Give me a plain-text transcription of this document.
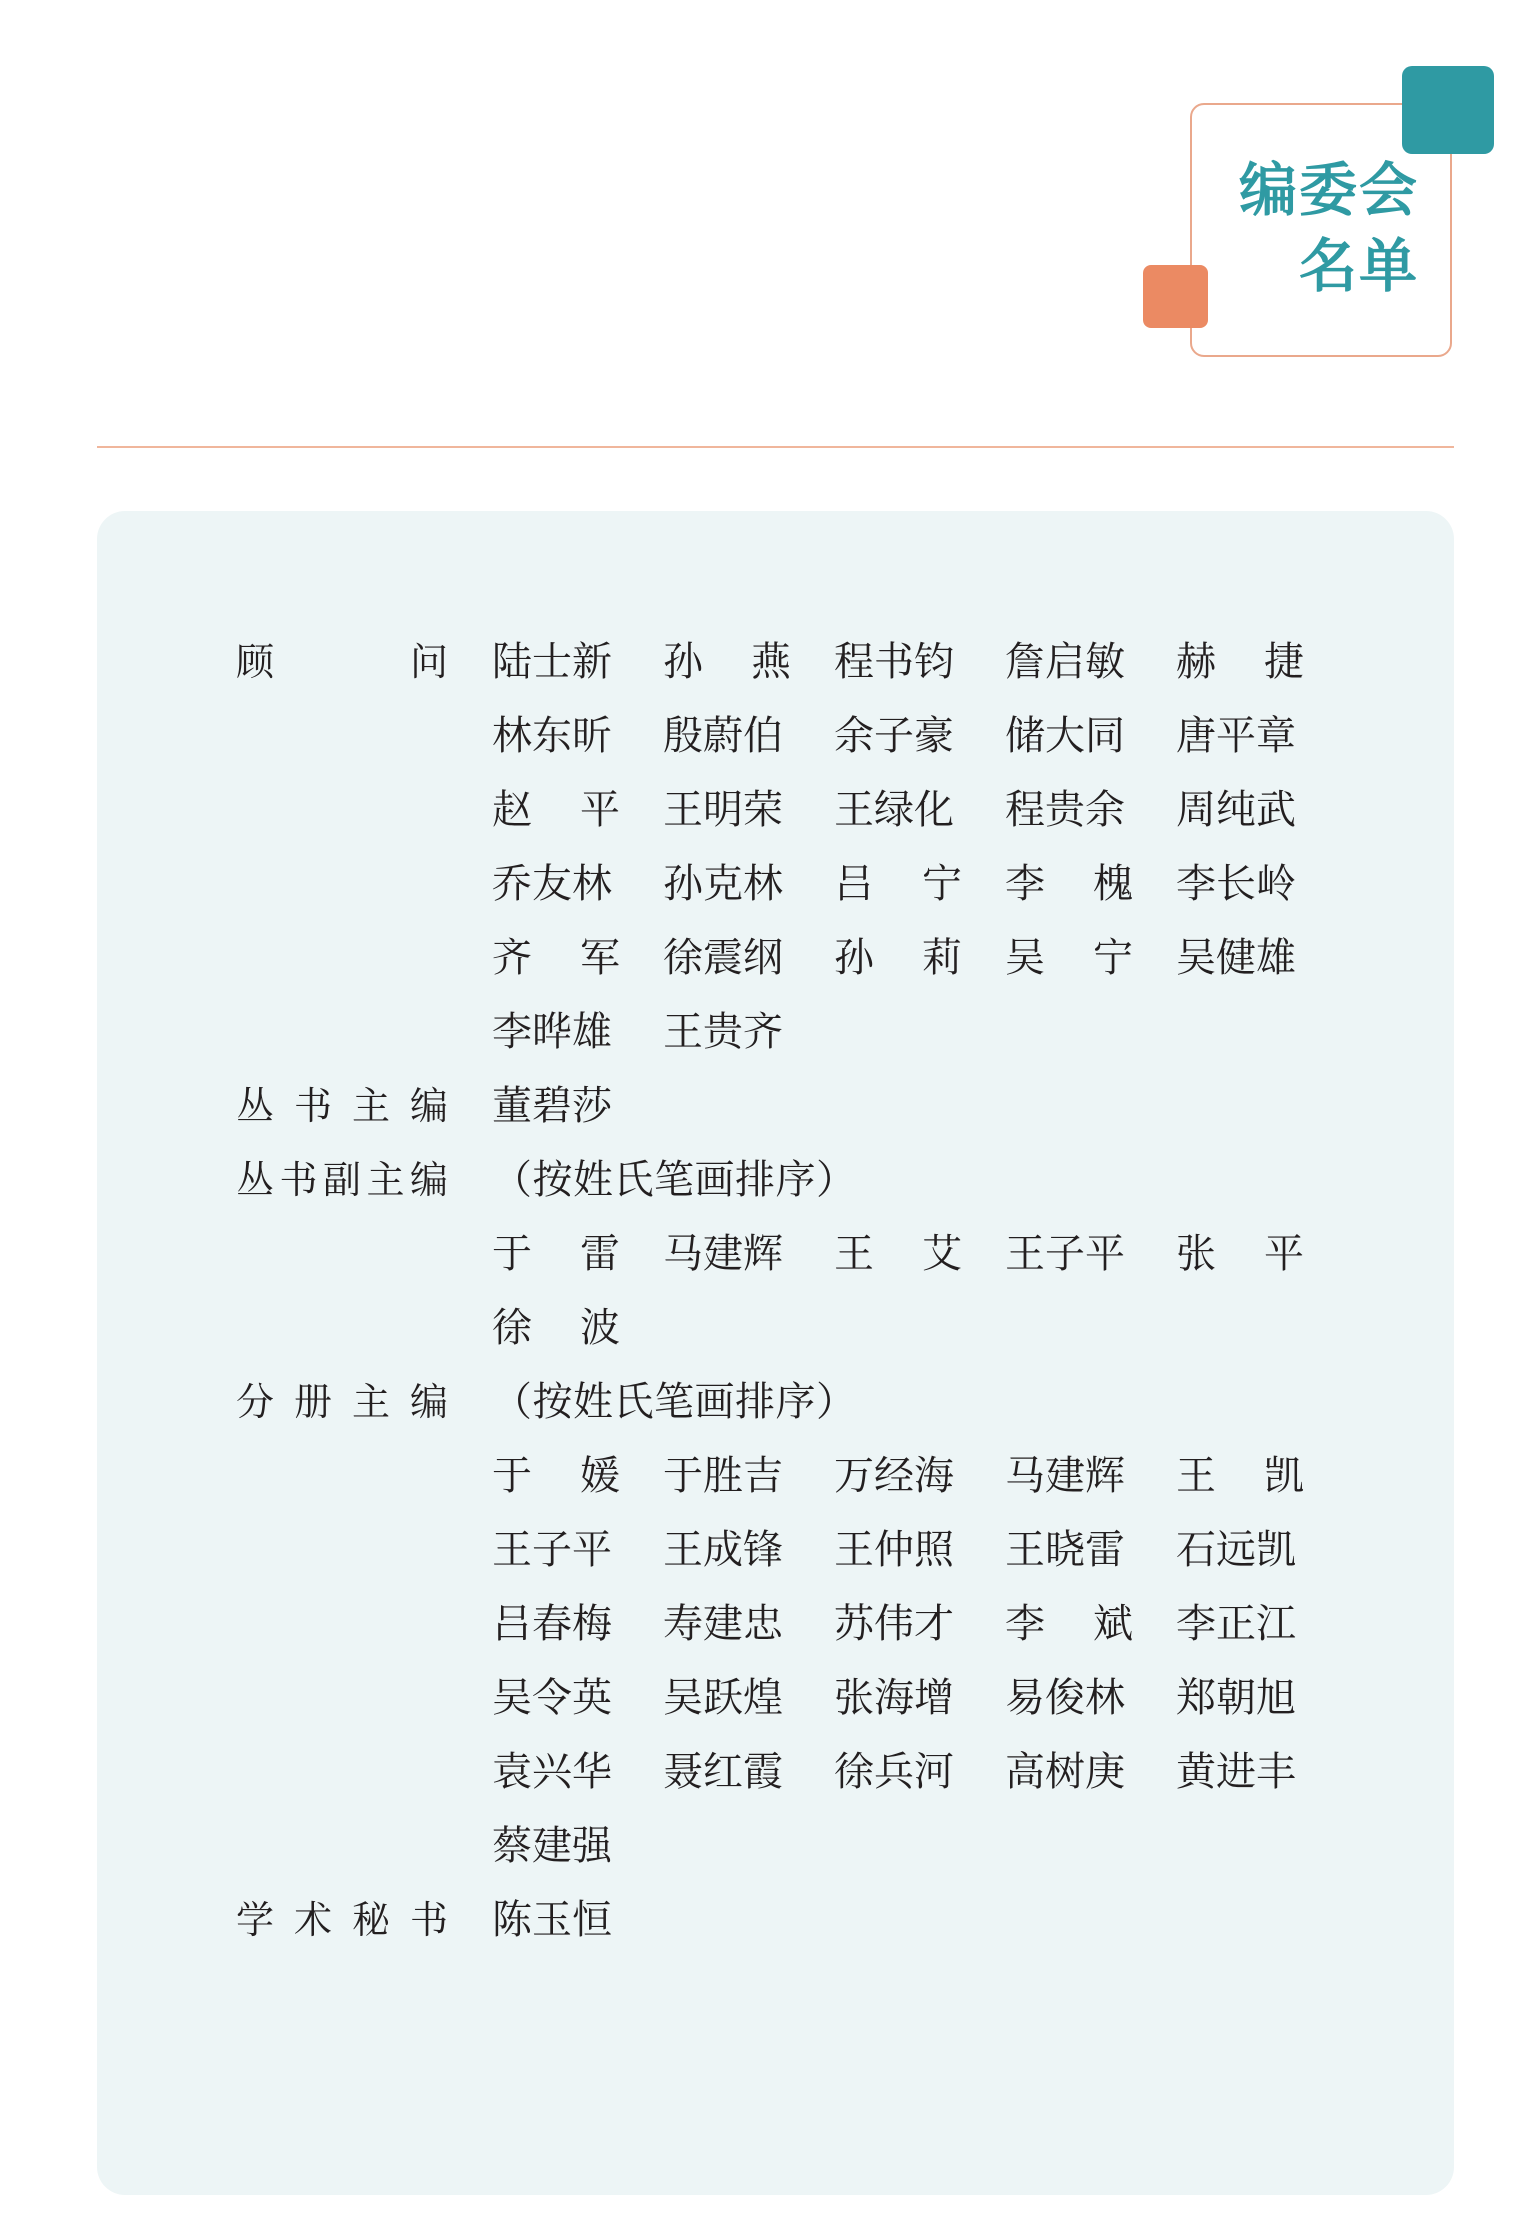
编委会
名单
顾	问 陆士新 孙 燕 程书钧 詹启敏 赫 捷
林东昕 殷蔚伯 余子豪 储大同 唐平章
赵 平 王明荣 王绿化 程贵余 周纯武
乔友林 孙克林 吕 宁 李 槐 李长岭
齐 军 徐震纲 孙 莉 吴 宁 吴健雄
李晔雄 王贵齐
丛 书 主 编 董碧莎
丛 书 副 主 编 （按姓氏笔画排序）
于 雷 马建辉 王 艾 王子平 张 平
徐 波
分 册 主 编 （按姓氏笔画排序）
于 媛 于胜吉 万经海 马建辉 王 凯
王子平 王成锋 王仲照 王晓雷 石远凯
吕春梅 寿建忠 苏伟才 李 斌 李正江
吴令英 吴跃煌 张海增 易俊林 郑朝旭
袁兴华 聂红霞 徐兵河 高树庚 黄进丰
蔡建强
学 术 秘 书 陈玉恒
